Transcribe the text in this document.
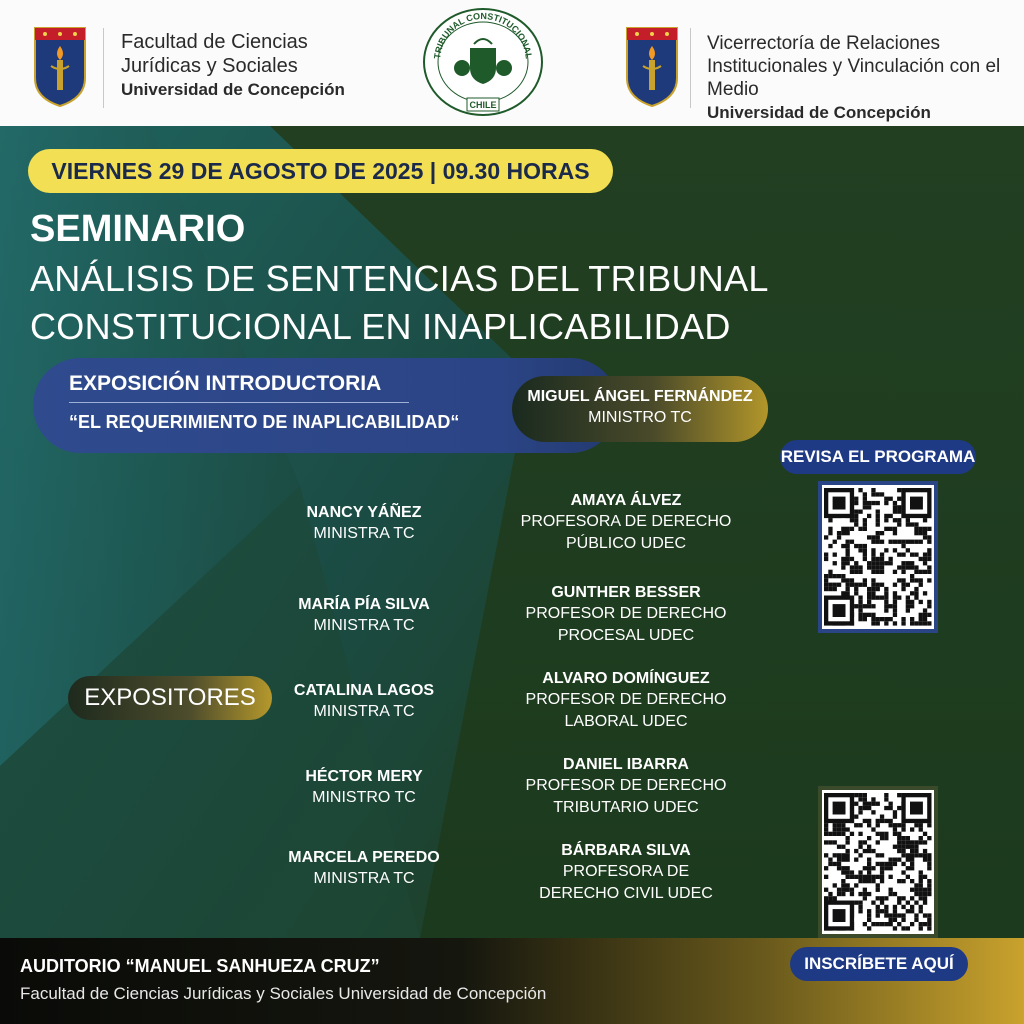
Facultad de Ciencias
Jurídicas y Sociales
Universidad de Concepción
TRIBUNAL CONSTITUCIONAL
CHILE
Vicerrectoría de Relaciones
Institucionales y Vinculación con el Medio
Universidad de Concepción
VIERNES 29 DE AGOSTO DE 2025 | 09.30 HORAS
SEMINARIO
ANÁLISIS DE SENTENCIAS DEL TRIBUNAL
CONSTITUCIONAL EN INAPLICABILIDAD
EXPOSICIÓN INTRODUCTORIA
“EL REQUERIMIENTO DE INAPLICABILIDAD“
MIGUEL ÁNGEL FERNÁNDEZ
MINISTRO TC
REVISA EL PROGRAMA
EXPOSITORES
NANCY YÁÑEZ
MINISTRA TC
MARÍA PÍA SILVA
MINISTRA TC
CATALINA LAGOS
MINISTRA TC
HÉCTOR MERY
MINISTRO TC
MARCELA PEREDO
MINISTRA TC
AMAYA ÁLVEZ
PROFESORA DE DERECHO
PÚBLICO UDEC
GUNTHER BESSER
PROFESOR DE DERECHO
PROCESAL UDEC
ALVARO DOMÍNGUEZ
PROFESOR DE DERECHO
LABORAL UDEC
DANIEL IBARRA
PROFESOR DE DERECHO
TRIBUTARIO UDEC
BÁRBARA SILVA
PROFESORA DE
DERECHO CIVIL UDEC
AUDITORIO “MANUEL SANHUEZA CRUZ”
Facultad de Ciencias Jurídicas y Sociales Universidad de Concepción
INSCRÍBETE AQUÍ
